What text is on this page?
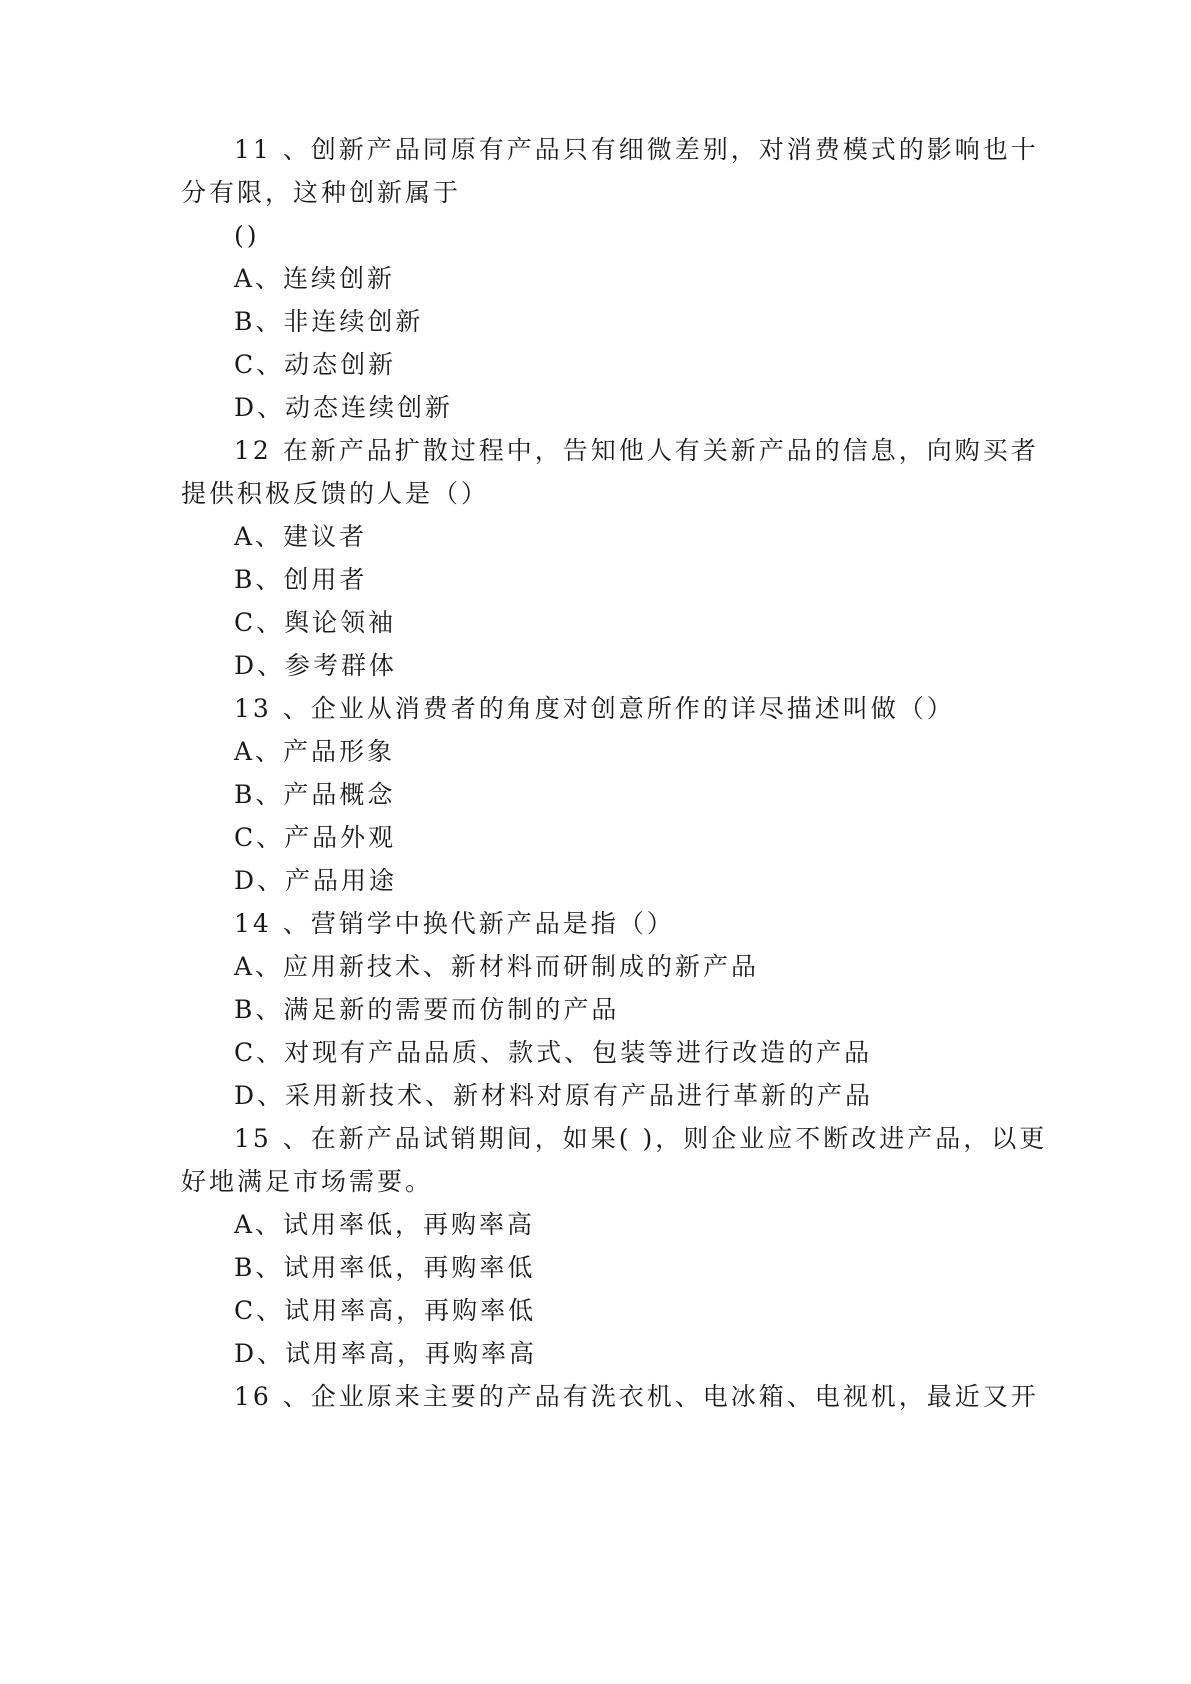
11 、创新产品同原有产品只有细微差别，对消费模式的影响也十
分有限，这种创新属于
()
A、连续创新
B、非连续创新
C、动态创新
D、动态连续创新
12 在新产品扩散过程中，告知他人有关新产品的信息，向购买者
提供积极反馈的人是（）
A、建议者
B、创用者
C、舆论领袖
D、参考群体
13 、企业从消费者的角度对创意所作的详尽描述叫做（）
A、产品形象
B、产品概念
C、产品外观
D、产品用途
14 、营销学中换代新产品是指（）
A、应用新技术、新材料而研制成的新产品
B、满足新的需要而仿制的产品
C、对现有产品品质、款式、包装等进行改造的产品
D、采用新技术、新材料对原有产品进行革新的产品
15 、在新产品试销期间，如果( )，则企业应不断改进产品，以更
好地满足市场需要。
A、试用率低，再购率高
B、试用率低，再购率低
C、试用率高，再购率低
D、试用率高，再购率高
16 、企业原来主要的产品有洗衣机、电冰箱、电视机，最近又开
